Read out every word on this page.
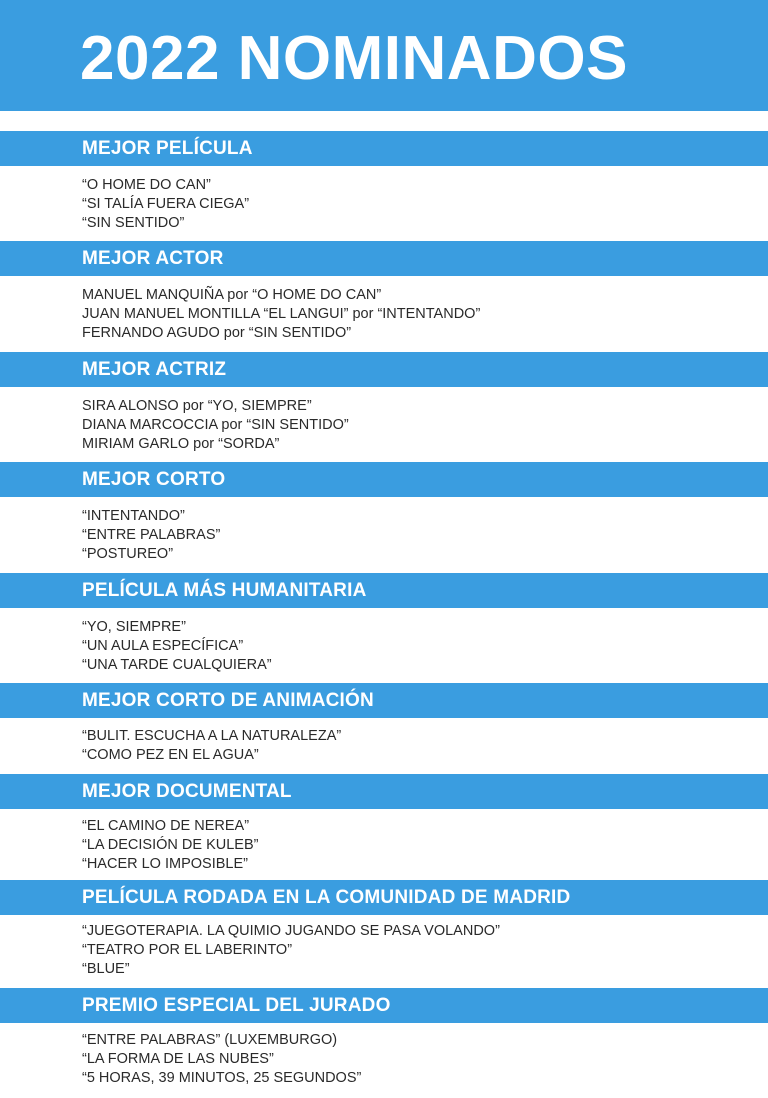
2022 NOMINADOS
MEJOR PELÍCULA
“O HOME DO CAN”
“SI TALÍA FUERA CIEGA”
“SIN SENTIDO”
MEJOR ACTOR
MANUEL MANQUIÑA por “O HOME DO CAN”
JUAN MANUEL MONTILLA “EL LANGUI” por “INTENTANDO”
FERNANDO AGUDO por “SIN SENTIDO”
MEJOR ACTRIZ
SIRA ALONSO por “YO, SIEMPRE”
DIANA MARCOCCIA por “SIN SENTIDO”
MIRIAM GARLO por “SORDA”
MEJOR CORTO
“INTENTANDO”
“ENTRE PALABRAS”
“POSTUREO”
PELÍCULA MÁS HUMANITARIA
“YO, SIEMPRE”
“UN AULA ESPECÍFICA”
“UNA TARDE CUALQUIERA”
MEJOR CORTO DE ANIMACIÓN
“BULIT. ESCUCHA A LA NATURALEZA”
“COMO PEZ EN EL AGUA”
MEJOR DOCUMENTAL
“EL CAMINO DE NEREA”
“LA DECISIÓN DE KULEB”
“HACER LO IMPOSIBLE”
PELÍCULA RODADA EN LA COMUNIDAD DE MADRID
“JUEGOTERAPIA. LA QUIMIO JUGANDO SE PASA VOLANDO”
“TEATRO POR EL LABERINTO”
“BLUE”
PREMIO ESPECIAL DEL JURADO
“ENTRE PALABRAS” (LUXEMBURGO)
“LA FORMA DE LAS NUBES”
“5 HORAS, 39 MINUTOS, 25 SEGUNDOS”
